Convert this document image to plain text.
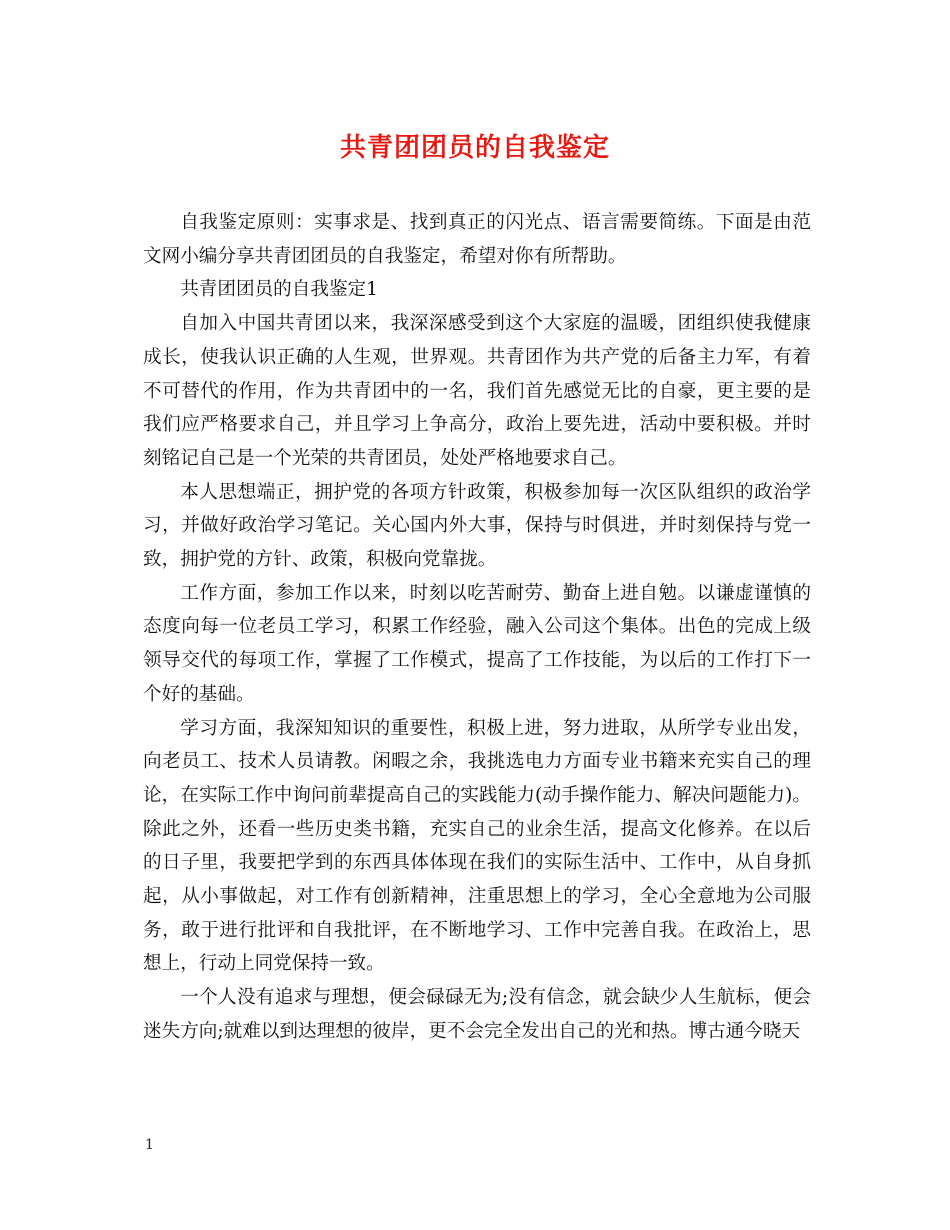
共青团团员的自我鉴定

自我鉴定原则：实事求是、找到真正的闪光点、语言需要简练。下面是由范文网小编分享共青团团员的自我鉴定，希望对你有所帮助。

共青团团员的自我鉴定1

自加入中国共青团以来，我深深感受到这个大家庭的温暖，团组织使我健康成长，使我认识正确的人生观，世界观。共青团作为共产党的后备主力军，有着不可替代的作用，作为共青团中的一名，我们首先感觉无比的自豪，更主要的是我们应严格要求自己，并且学习上争高分，政治上要先进，活动中要积极。并时刻铭记自己是一个光荣的共青团员，处处严格地要求自己。

本人思想端正，拥护党的各项方针政策，积极参加每一次区队组织的政治学习，并做好政治学习笔记。关心国内外大事，保持与时俱进，并时刻保持与党一致，拥护党的方针、政策，积极向党靠拢。

工作方面，参加工作以来，时刻以吃苦耐劳、勤奋上进自勉。以谦虚谨慎的态度向每一位老员工学习，积累工作经验，融入公司这个集体。出色的完成上级领导交代的每项工作，掌握了工作模式，提高了工作技能，为以后的工作打下一个好的基础。

学习方面，我深知知识的重要性，积极上进，努力进取，从所学专业出发，向老员工、技术人员请教。闲暇之余，我挑选电力方面专业书籍来充实自己的理论，在实际工作中询问前辈提高自己的实践能力(动手操作能力、解决问题能力)。除此之外，还看一些历史类书籍，充实自己的业余生活，提高文化修养。在以后的日子里，我要把学到的东西具体体现在我们的实际生活中、工作中，从自身抓起，从小事做起，对工作有创新精神，注重思想上的学习，全心全意地为公司服务，敢于进行批评和自我批评，在不断地学习、工作中完善自我。在政治上，思想上，行动上同党保持一致。

一个人没有追求与理想，便会碌碌无为;没有信念，就会缺少人生航标，便会迷失方向;就难以到达理想的彼岸，更不会完全发出自己的光和热。博古通今晓天

1
